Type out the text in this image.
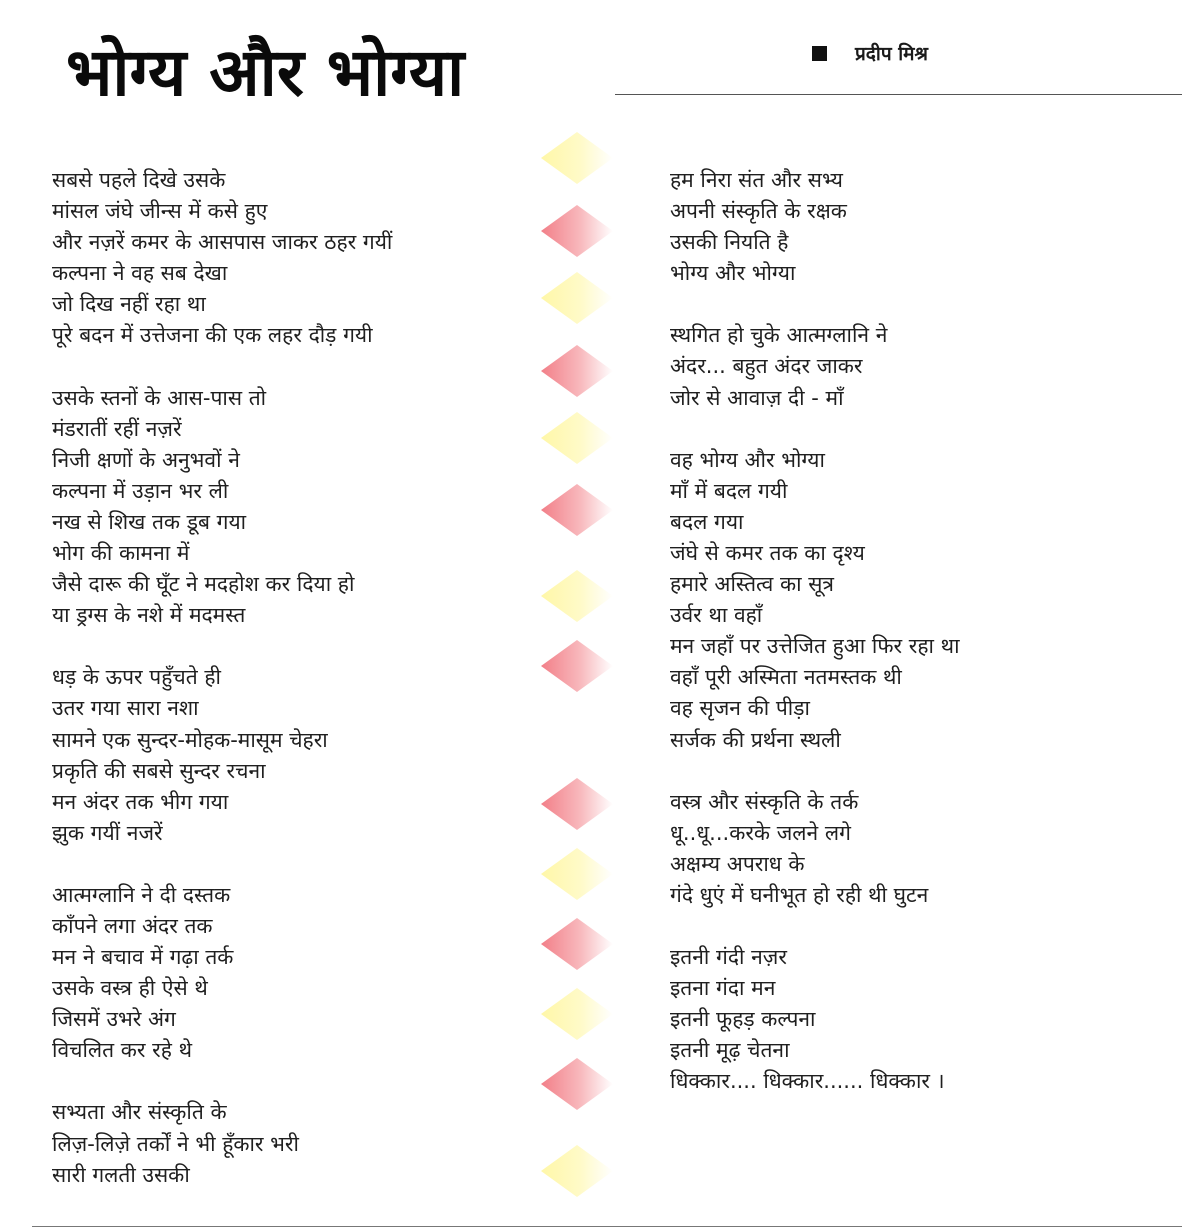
भोग्य और भोग्या	प्रदीप मिश्र
सबसे पहले दिखे उसके
मांसल जंघे जीन्स में कसे हुए
और नज़रें कमर के आसपास जाकर ठहर गयीं
कल्पना ने वह सब देखा
जो दिख नहीं रहा था
पूरे बदन में उत्तेजना की एक लहर दौड़ गयी
उसके स्तनों के आस-पास तो
मंडरातीं रहीं नज़रें
निजी क्षणों के अनुभवों ने
कल्पना में उड़ान भर ली
नख से शिख तक डूब गया
भोग की कामना में
जैसे दारू की घूँट ने मदहोश कर दिया हो
या ड्रग्स के नशे में मदमस्त
धड़ के ऊपर पहुँचते ही
उतर गया सारा नशा
सामने एक सुन्दर-मोहक-मासूम चेहरा
प्रकृति की सबसे सुन्दर रचना
मन अंदर तक भीग गया
झुक गयीं नजरें
आत्मग्लानि ने दी दस्तक
काँपने लगा अंदर तक
मन ने बचाव में गढ़ा तर्क
उसके वस्त्र ही ऐसे थे
जिसमें उभरे अंग
विचलित कर रहे थे
सभ्यता और संस्कृति के
लिज़-लिज़े तर्कों ने भी हूँकार भरी
सारी गलती उसकी
हम निरा संत और सभ्य
अपनी संस्कृति के रक्षक
उसकी नियति है
भोग्य और भोग्या
स्थगित हो चुके आत्मग्लानि ने
अंदर... बहुत अंदर जाकर
जोर से आवाज़ दी - माँ
वह भोग्य और भोग्या
माँ में बदल गयी
बदल गया
जंघे से कमर तक का दृश्य
हमारे अस्तित्व का सूत्र
उर्वर था वहाँ
मन जहाँ पर उत्तेजित हुआ फिर रहा था
वहाँ पूरी अस्मिता नतमस्तक थी
वह सृजन की पीड़ा
सर्जक की प्रर्थना स्थली
वस्त्र और संस्कृति के तर्क
धू..धू...करके जलने लगे
अक्षम्य अपराध के
गंदे धुएं में घनीभूत हो रही थी घुटन
इतनी गंदी नज़र
इतना गंदा मन
इतनी फूहड़ कल्पना
इतनी मूढ़ चेतना
धिक्कार.... धिक्कार...... धिक्कार ।
